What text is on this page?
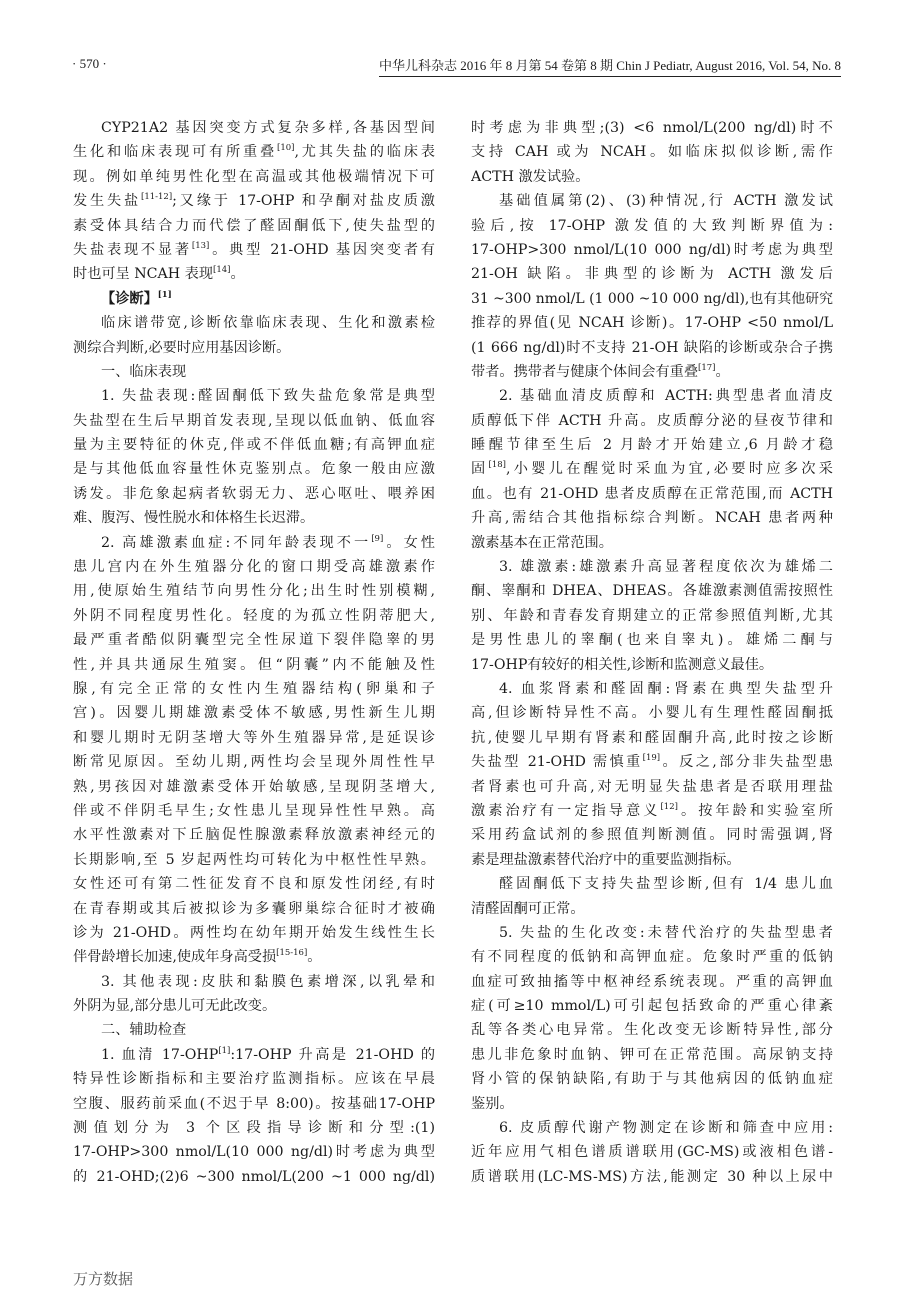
· 570 ·	中华儿科杂志 2016 年 8 月第 54 卷第 8 期 Chin J Pediatr, August 2016, Vol. 54, No. 8
CYP21A2 基因突变方式复杂多样,各基因型间
生化和临床表现可有所重叠[10],尤其失盐的临床表
现。例如单纯男性化型在高温或其他极端情况下可
发生失盐[11-12];又缘于 17-OHP 和孕酮对盐皮质激
素受体具结合力而代偿了醛固酮低下,使失盐型的
失盐表现不显著[13]。典型 21-OHD 基因突变者有
时也可呈 NCAH 表现[14]。
【诊断】[1]
临床谱带宽,诊断依靠临床表现、生化和激素检
测综合判断,必要时应用基因诊断。
一、临床表现
1. 失盐表现:醛固酮低下致失盐危象常是典型
失盐型在生后早期首发表现,呈现以低血钠、低血容
量为主要特征的休克,伴或不伴低血糖;有高钾血症
是与其他低血容量性休克鉴别点。危象一般由应激
诱发。非危象起病者软弱无力、恶心呕吐、喂养困
难、腹泻、慢性脱水和体格生长迟滞。
2. 高雄激素血症:不同年龄表现不一[9]。女性
患儿宫内在外生殖器分化的窗口期受高雄激素作
用,使原始生殖结节向男性分化;出生时性别模糊,
外阴不同程度男性化。轻度的为孤立性阴蒂肥大,
最严重者酷似阴囊型完全性尿道下裂伴隐睾的男
性,并具共通尿生殖窦。但“阴囊”内不能触及性
腺,有完全正常的女性内生殖器结构(卵巢和子
宫)。因婴儿期雄激素受体不敏感,男性新生儿期
和婴儿期时无阴茎增大等外生殖器异常,是延误诊
断常见原因。至幼儿期,两性均会呈现外周性性早
熟,男孩因对雄激素受体开始敏感,呈现阴茎增大,
伴或不伴阴毛早生;女性患儿呈现异性性早熟。高
水平性激素对下丘脑促性腺激素释放激素神经元的
长期影响,至 5 岁起两性均可转化为中枢性性早熟。
女性还可有第二性征发育不良和原发性闭经,有时
在青春期或其后被拟诊为多囊卵巢综合征时才被确
诊为 21-OHD。两性均在幼年期开始发生线性生长
伴骨龄增长加速,使成年身高受损[15-16]。
3. 其他表现:皮肤和黏膜色素增深,以乳晕和
外阴为显,部分患儿可无此改变。
二、辅助检查
1. 血清 17-OHP[1]:17-OHP 升高是 21-OHD 的
特异性诊断指标和主要治疗监测指标。应该在早晨
空腹、服药前采血(不迟于早 8:00)。按基础17-OHP
测值划分为 3 个区段指导诊断和分型:(1)
17-OHP>300 nmol/L(10 000 ng/dl)时考虑为典型
的 21-OHD;(2)6 ~300 nmol/L(200 ~1 000 ng/dl)
时考虑为非典型;(3) <6 nmol/L(200 ng/dl)时不
支持 CAH 或为 NCAH。如临床拟似诊断,需作
ACTH 激发试验。
基础值属第(2)、(3)种情况,行 ACTH 激发试
验后,按 17-OHP 激发值的大致判断界值为:
17-OHP>300 nmol/L(10 000 ng/dl)时考虑为典型
21-OH 缺陷。非典型的诊断为 ACTH 激发后
31 ~300 nmol/L (1 000 ~10 000 ng/dl),也有其他研究
推荐的界值(见 NCAH 诊断)。17-OHP <50 nmol/L
(1 666 ng/dl)时不支持 21-OH 缺陷的诊断或杂合子携
带者。携带者与健康个体间会有重叠[17]。
2. 基础血清皮质醇和 ACTH:典型患者血清皮
质醇低下伴 ACTH 升高。皮质醇分泌的昼夜节律和
睡醒节律至生后 2 月龄才开始建立,6 月龄才稳
固[18],小婴儿在醒觉时采血为宜,必要时应多次采
血。也有 21-OHD 患者皮质醇在正常范围,而 ACTH
升高,需结合其他指标综合判断。NCAH 患者两种
激素基本在正常范围。
3. 雄激素:雄激素升高显著程度依次为雄烯二
酮、睾酮和 DHEA、DHEAS。各雄激素测值需按照性
别、年龄和青春发育期建立的正常参照值判断,尤其
是男性患儿的睾酮(也来自睾丸)。雄烯二酮与
17-OHP有较好的相关性,诊断和监测意义最佳。
4. 血浆肾素和醛固酮:肾素在典型失盐型升
高,但诊断特异性不高。小婴儿有生理性醛固酮抵
抗,使婴儿早期有肾素和醛固酮升高,此时按之诊断
失盐型 21-OHD 需慎重[19]。反之,部分非失盐型患
者肾素也可升高,对无明显失盐患者是否联用理盐
激素治疗有一定指导意义[12]。按年龄和实验室所
采用药盒试剂的参照值判断测值。同时需强调,肾
素是理盐激素替代治疗中的重要监测指标。
醛固酮低下支持失盐型诊断,但有 1/4 患儿血
清醛固酮可正常。
5. 失盐的生化改变:未替代治疗的失盐型患者
有不同程度的低钠和高钾血症。危象时严重的低钠
血症可致抽搐等中枢神经系统表现。严重的高钾血
症(可≥10 mmol/L)可引起包括致命的严重心律紊
乱等各类心电异常。生化改变无诊断特异性,部分
患儿非危象时血钠、钾可在正常范围。高尿钠支持
肾小管的保钠缺陷,有助于与其他病因的低钠血症
鉴别。
6. 皮质醇代谢产物测定在诊断和筛查中应用:
近年应用气相色谱质谱联用(GC-MS)或液相色谱-
质谱联用(LC-MS-MS)方法,能测定 30 种以上尿中
万方数据
